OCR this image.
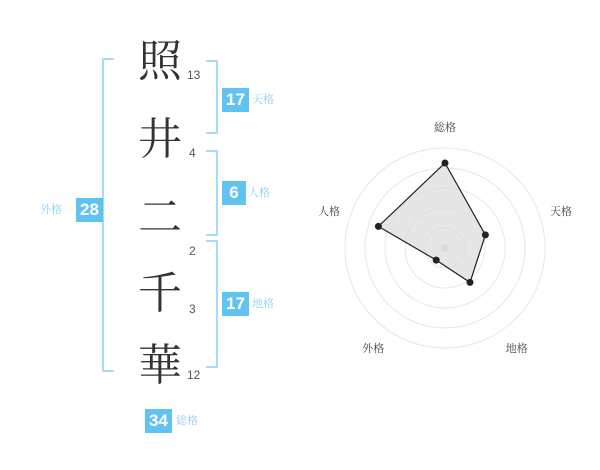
28
外格
照 13
井 4
二
2
千 3
華 12
17 天格
6 人格
17 地格
34 総格
総格
天格
地格
外格
人格
